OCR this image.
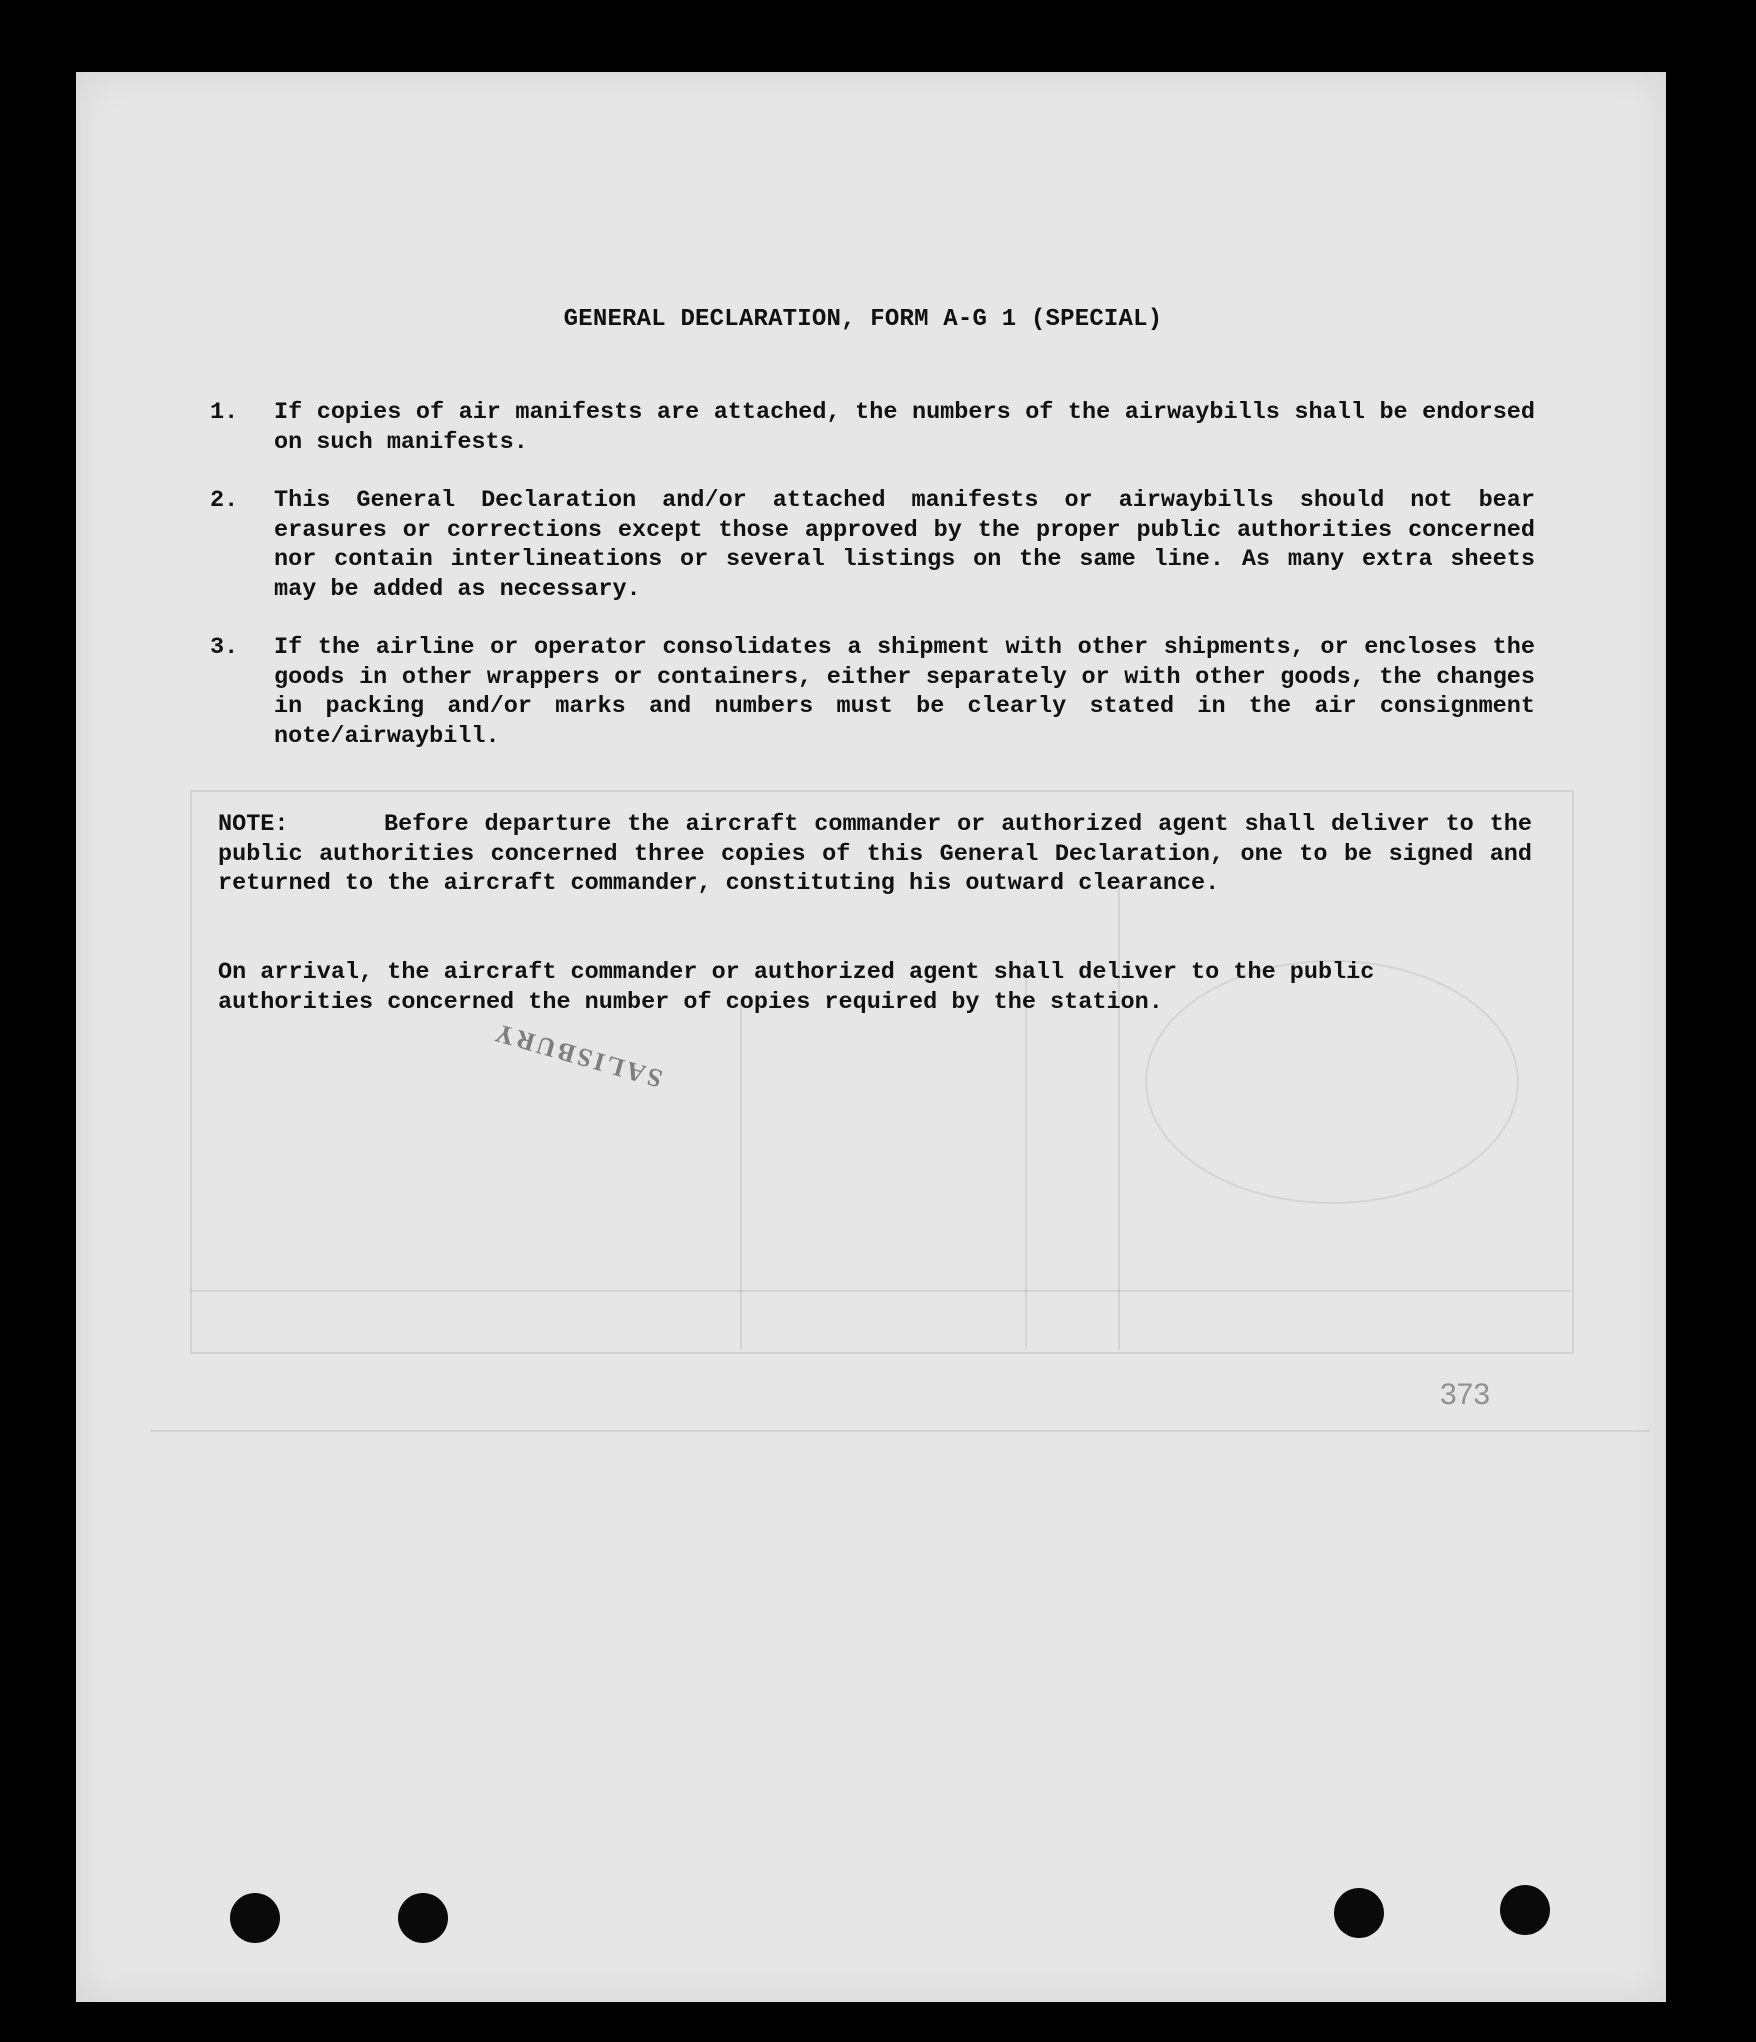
GENERAL DECLARATION, FORM A-G 1 (SPECIAL)
1.	If copies of air manifests are attached, the numbers of the airwaybills shall be endorsed on such manifests.
2.	This General Declaration and/or attached manifests or airwaybills should not bear erasures or corrections except those approved by the proper public authorities concerned nor contain interlineations or several listings on the same line. As many extra sheets may be added as necessary.
3.	If the airline or operator consolidates a shipment with other shipments, or encloses the goods in other wrappers or containers, either separately or with other goods, the changes in packing and/or marks and numbers must be clearly stated in the air consignment note/airwaybill.
NOTE:	Before departure the aircraft commander or authorized agent shall deliver to the public authorities concerned three copies of this General Declaration, one to be signed and returned to the aircraft commander, constituting his outward clearance.
On arrival, the aircraft commander or authorized agent shall deliver to the public authorities concerned the number of copies required by the station.
SALISBURY
373
